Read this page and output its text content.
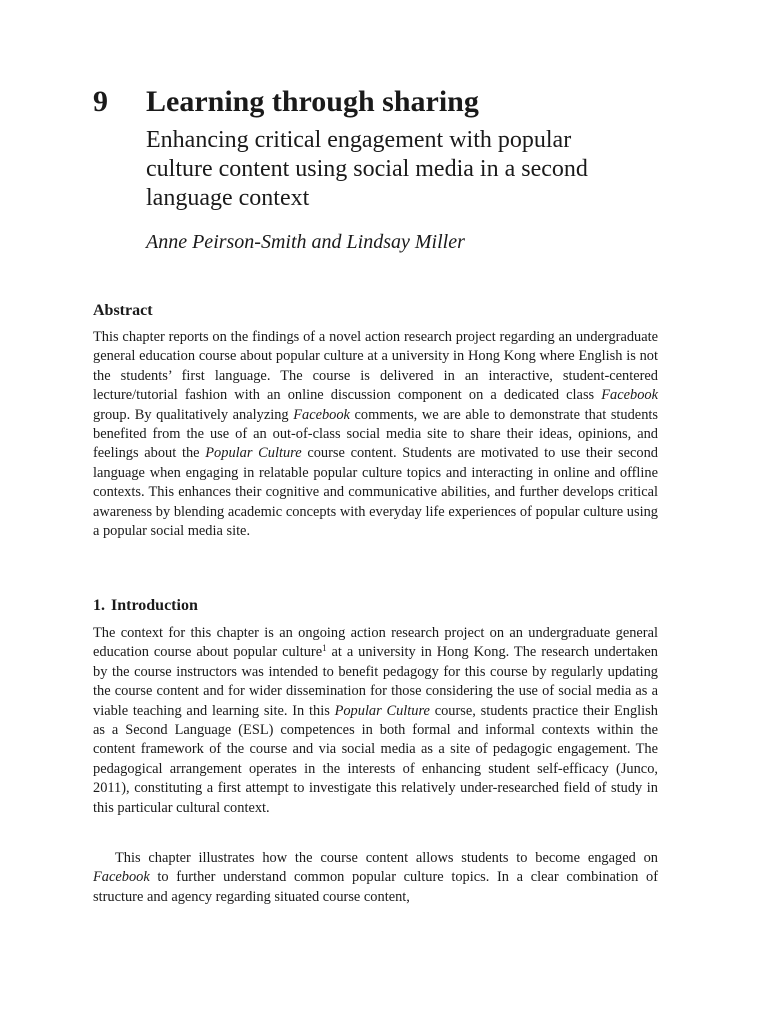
9 Learning through sharing
Enhancing critical engagement with popular culture content using social media in a second language context
Anne Peirson-Smith and Lindsay Miller
Abstract

This chapter reports on the findings of a novel action research project regarding an undergraduate general education course about popular culture at a university in Hong Kong where English is not the students’ first language. The course is delivered in an interactive, student-centered lecture/tutorial fashion with an online discussion component on a dedicated class Facebook group. By qualitatively analyzing Facebook comments, we are able to demonstrate that students benefited from the use of an out-of-class social media site to share their ideas, opinions, and feelings about the Popular Culture course content. Students are motivated to use their second language when engaging in relatable popular culture topics and interacting in online and offline contexts. This enhances their cognitive and communicative abilities, and further develops critical awareness by blending academic concepts with everyday life experiences of popular culture using a popular social media site.

1. Introduction

The context for this chapter is an ongoing action research project on an undergraduate general education course about popular culture$^1$ at a university in Hong Kong. The research undertaken by the course instructors was intended to benefit pedagogy for this course by regularly updating the course content and for wider dissemination for those considering the use of social media as a viable teaching and learning site. In this Popular Culture course, students practice their English as a Second Language (ESL) competences in both formal and informal contexts within the content framework of the course and via social media as a site of pedagogic engagement. The pedagogical arrangement operates in the interests of enhancing student self-efficacy (Junco, 2011), constituting a first attempt to investigate this relatively under-researched field of study in this particular cultural context.

This chapter illustrates how the course content allows students to become engaged on Facebook to further understand common popular culture topics. In a clear combination of structure and agency regarding situated course content,
